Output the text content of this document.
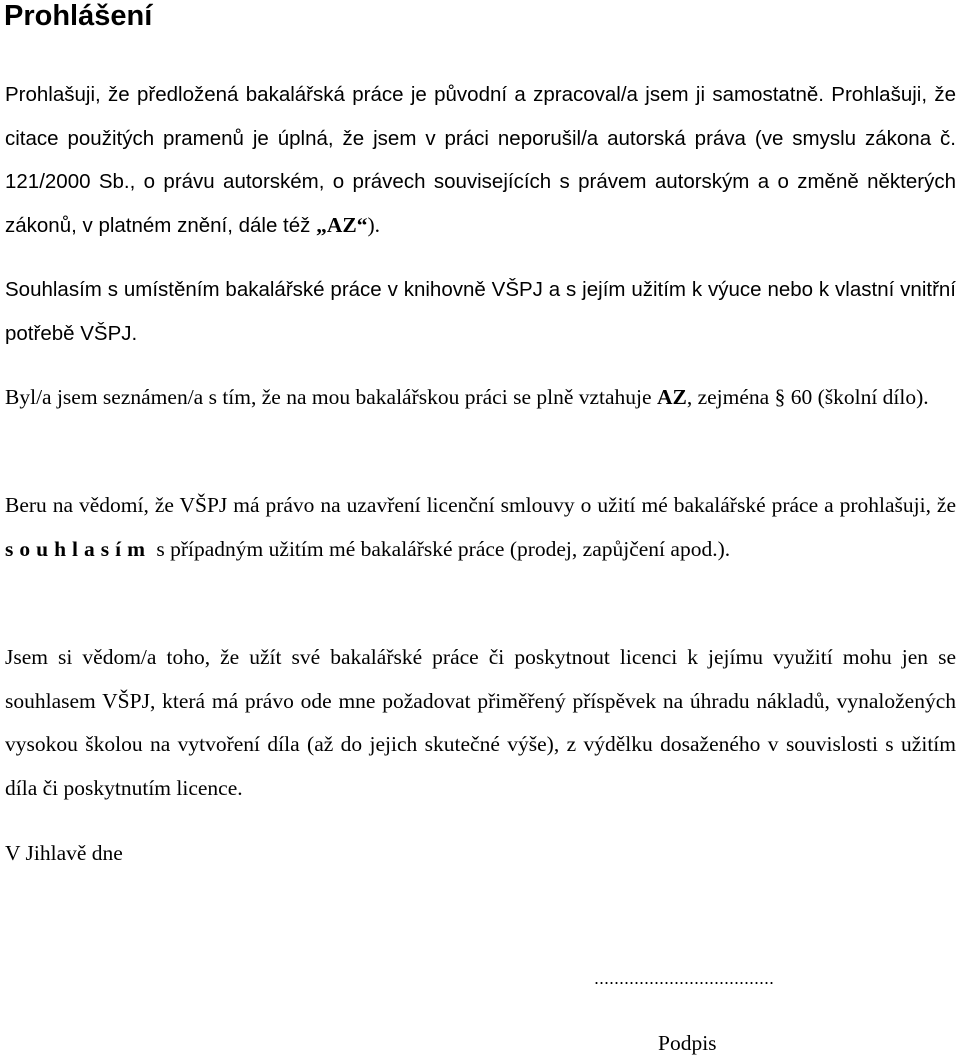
Prohlášení

Prohlašuji, že předložená bakalářská práce je původní a zpracoval/a jsem ji samostatně. Prohlašuji, že citace použitých pramenů je úplná, že jsem v práci neporušil/a autorská práva (ve smyslu zákona č. 121/2000 Sb., o právu autorském, o právech souvisejících s právem autorským a o změně některých zákonů, v platném znění, dále též „AZ“).

Souhlasím s umístěním bakalářské práce v knihovně VŠPJ a s jejím užitím k výuce nebo k vlastní vnitřní potřebě VŠPJ.

Byl/a jsem seznámen/a s tím, že na mou bakalářskou práci se plně vztahuje AZ, zejména § 60 (školní dílo).

Beru na vědomí, že VŠPJ má právo na uzavření licenční smlouvy o užití mé bakalářské práce a prohlašuji, že souhlasím s případným užitím mé bakalářské práce (prodej, zapůjčení apod.).

Jsem si vědom/a toho, že užít své bakalářské práce či poskytnout licenci k jejímu využití mohu jen se souhlasem VŠPJ, která má právo ode mne požadovat přiměřený příspěvek na úhradu nákladů, vynaložených vysokou školou na vytvoření díla (až do jejich skutečné výše), z výdělku dosaženého v souvislosti s užitím díla či poskytnutím licence.

V Jihlavě dne

....................................
Podpis
